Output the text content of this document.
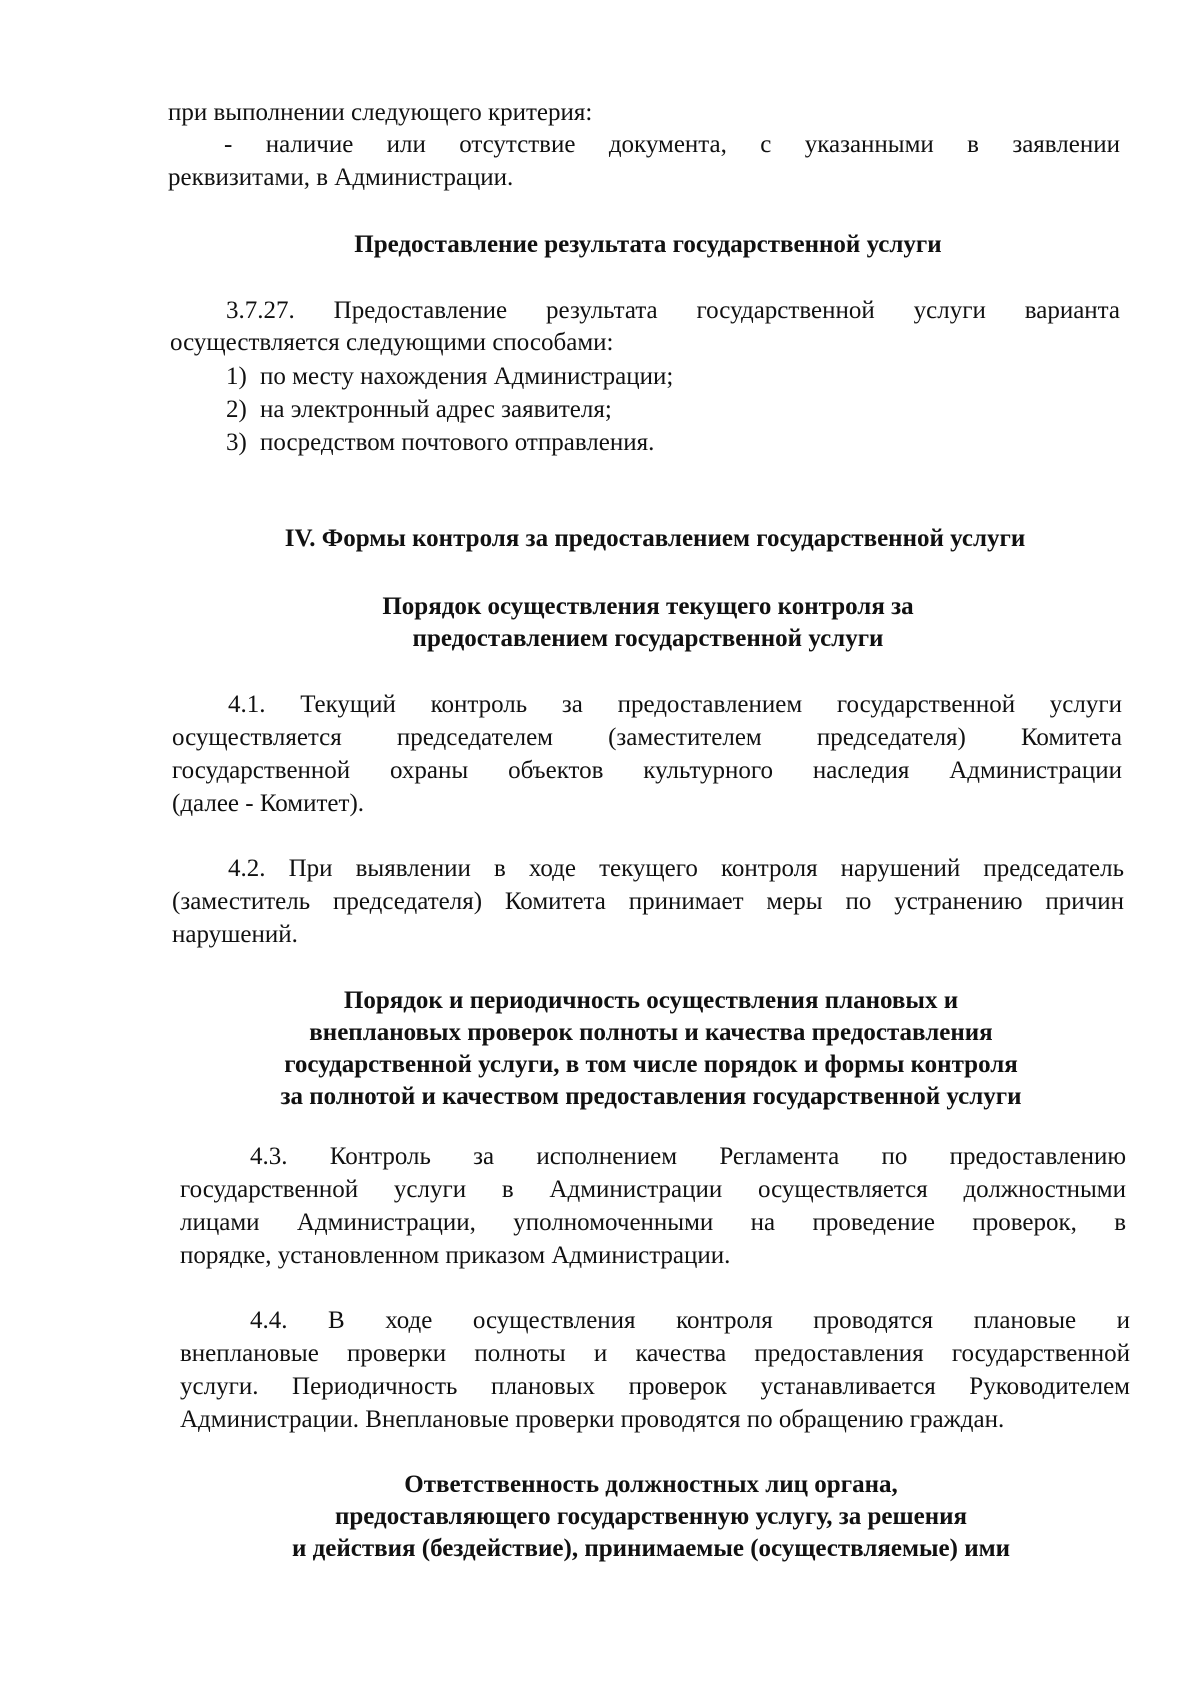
при выполнении следующего критерия:

- наличие или отсутствие документа, с указанными в заявлении

реквизитами, в Администрации.

Предоставление результата государственной услуги

3.7.27. Предоставление результата государственной услуги варианта

осуществляется следующими способами:

1) по месту нахождения Администрации;

2) на электронный адрес заявителя;

3) посредством почтового отправления.

IV. Формы контроля за предоставлением государственной услуги

Порядок осуществления текущего контроля за

предоставлением государственной услуги

4.1. Текущий контроль за предоставлением государственной услуги

осуществляется председателем (заместителем председателя) Комитета

государственной охраны объектов культурного наследия Администрации

(далее - Комитет).

4.2. При выявлении в ходе текущего контроля нарушений председатель

(заместитель председателя) Комитета принимает меры по устранению причин

нарушений.

Порядок и периодичность осуществления плановых и

внеплановых проверок полноты и качества предоставления

государственной услуги, в том числе порядок и формы контроля

за полнотой и качеством предоставления государственной услуги

4.3. Контроль за исполнением Регламента по предоставлению

государственной услуги в Администрации осуществляется должностными

лицами Администрации, уполномоченными на проведение проверок, в

порядке, установленном приказом Администрации.

4.4. В ходе осуществления контроля проводятся плановые и

внеплановые проверки полноты и качества предоставления государственной

услуги. Периодичность плановых проверок устанавливается Руководителем

Администрации. Внеплановые проверки проводятся по обращению граждан.

Ответственность должностных лиц органа,

предоставляющего государственную услугу, за решения

и действия (бездействие), принимаемые (осуществляемые) ими
